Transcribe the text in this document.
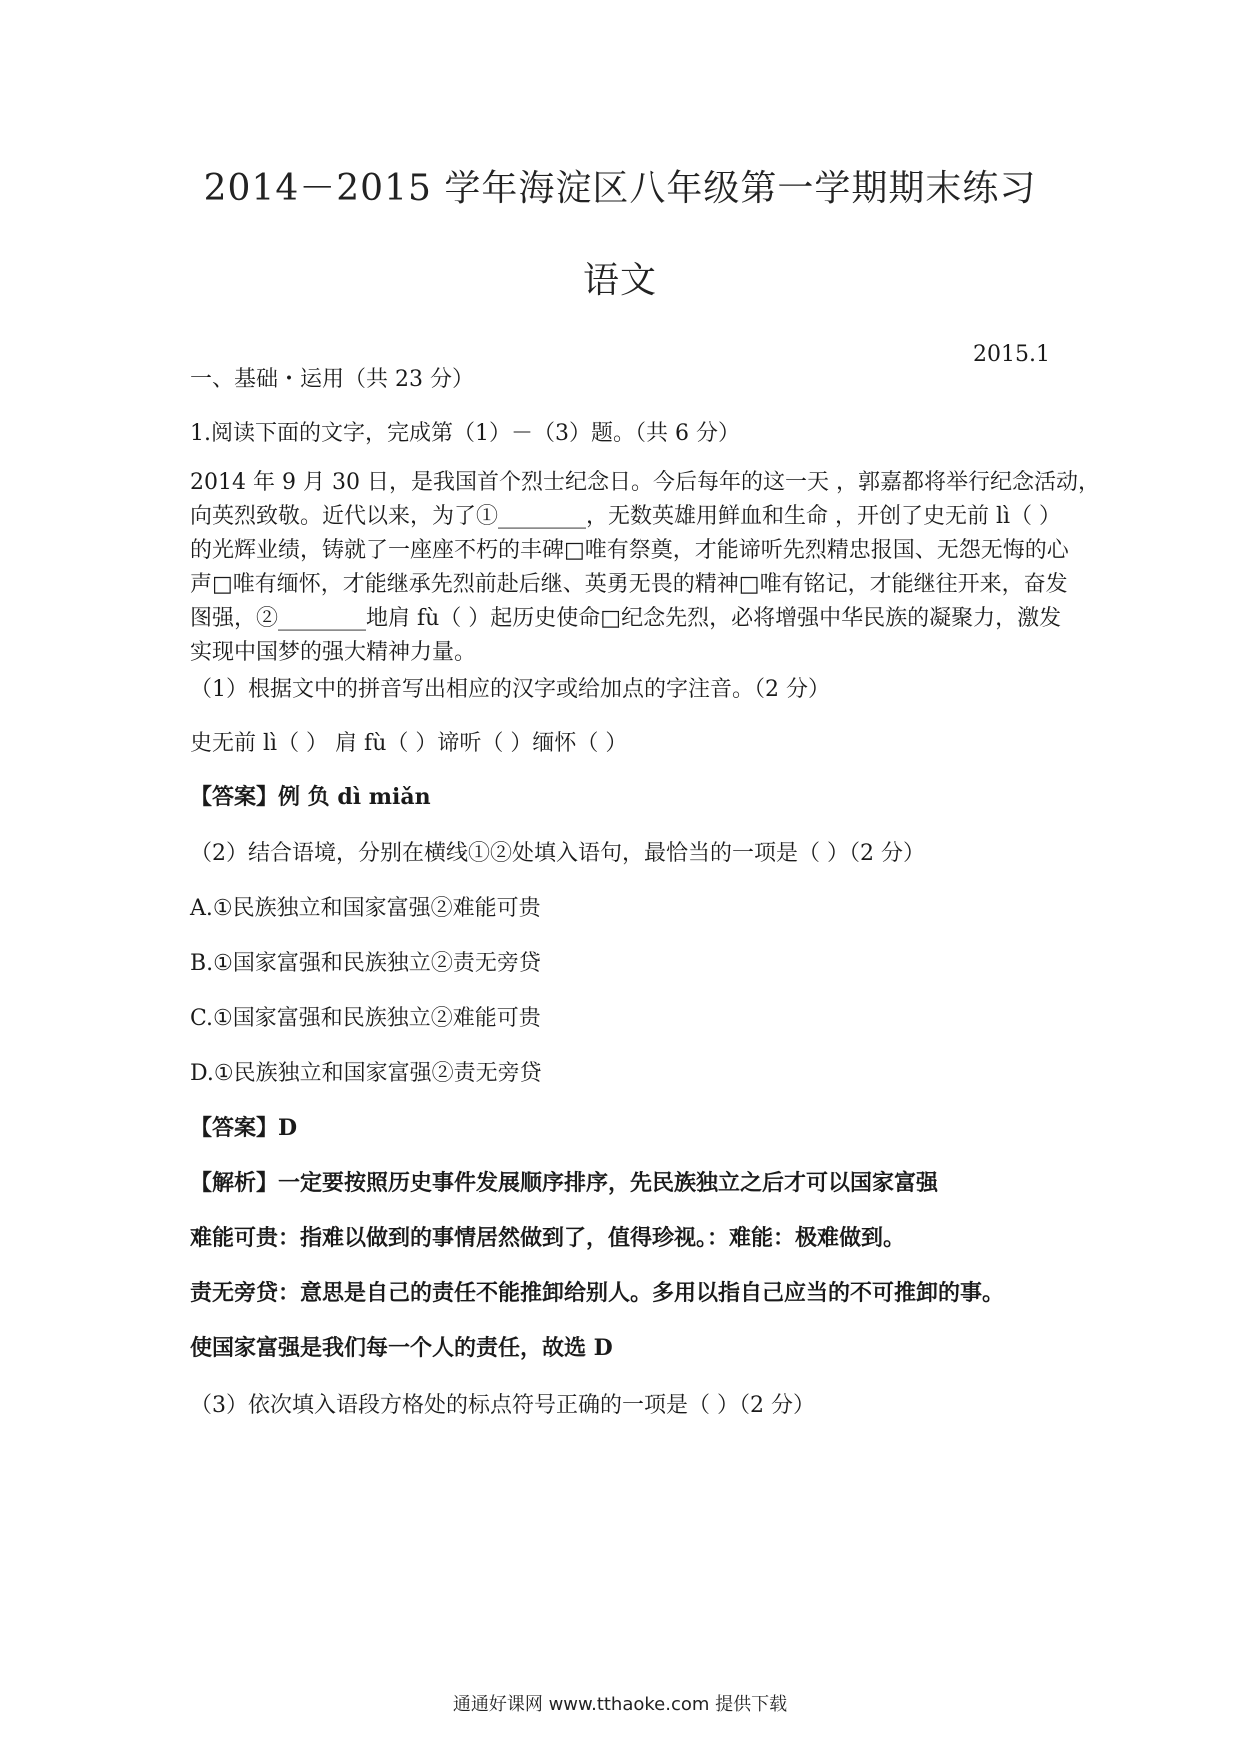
2014－2015 学年海淀区八年级第一学期期末练习
语文
2015.1
一、基础・运用（共 23 分）
1.阅读下面的文字，完成第（1）－（3）题。（共 6 分）
2014 年 9 月 30 日，是我国首个烈士纪念日。今后每年的这一天 ，郭嘉都将举行纪念活动，
向英烈致敬。近代以来，为了①________，无数英雄用鲜血和生命 ，开创了史无前 lì（ ）
的光辉业绩，铸就了一座座不朽的丰碑□唯有祭奠，才能谛听先烈精忠报国、无怨无悔的心
声□唯有缅怀，才能继承先烈前赴后继、英勇无畏的精神□唯有铭记，才能继往开来，奋发
图强，②________地肩 fù（ ）起历史使命□纪念先烈，必将增强中华民族的凝聚力，激发
实现中国梦的强大精神力量。
（1）根据文中的拼音写出相应的汉字或给加点的字注音。（2 分）
史无前 lì（ ） 肩 fù（ ）谛听（ ）缅怀（ ）
【答案】例 负 dì miǎn
（2）结合语境，分别在横线①②处填入语句，最恰当的一项是（ ）（2 分）
A.①民族独立和国家富强②难能可贵
B.①国家富强和民族独立②责无旁贷
C.①国家富强和民族独立②难能可贵
D.①民族独立和国家富强②责无旁贷
【答案】D
【解析】一定要按照历史事件发展顺序排序，先民族独立之后才可以国家富强
难能可贵：指难以做到的事情居然做到了，值得珍视。：难能：极难做到。
责无旁贷：意思是自己的责任不能推卸给别人。多用以指自己应当的不可推卸的事。
使国家富强是我们每一个人的责任，故选 D
（3）依次填入语段方格处的标点符号正确的一项是（ ）（2 分）
通通好课网 www.tthaoke.com 提供下载
